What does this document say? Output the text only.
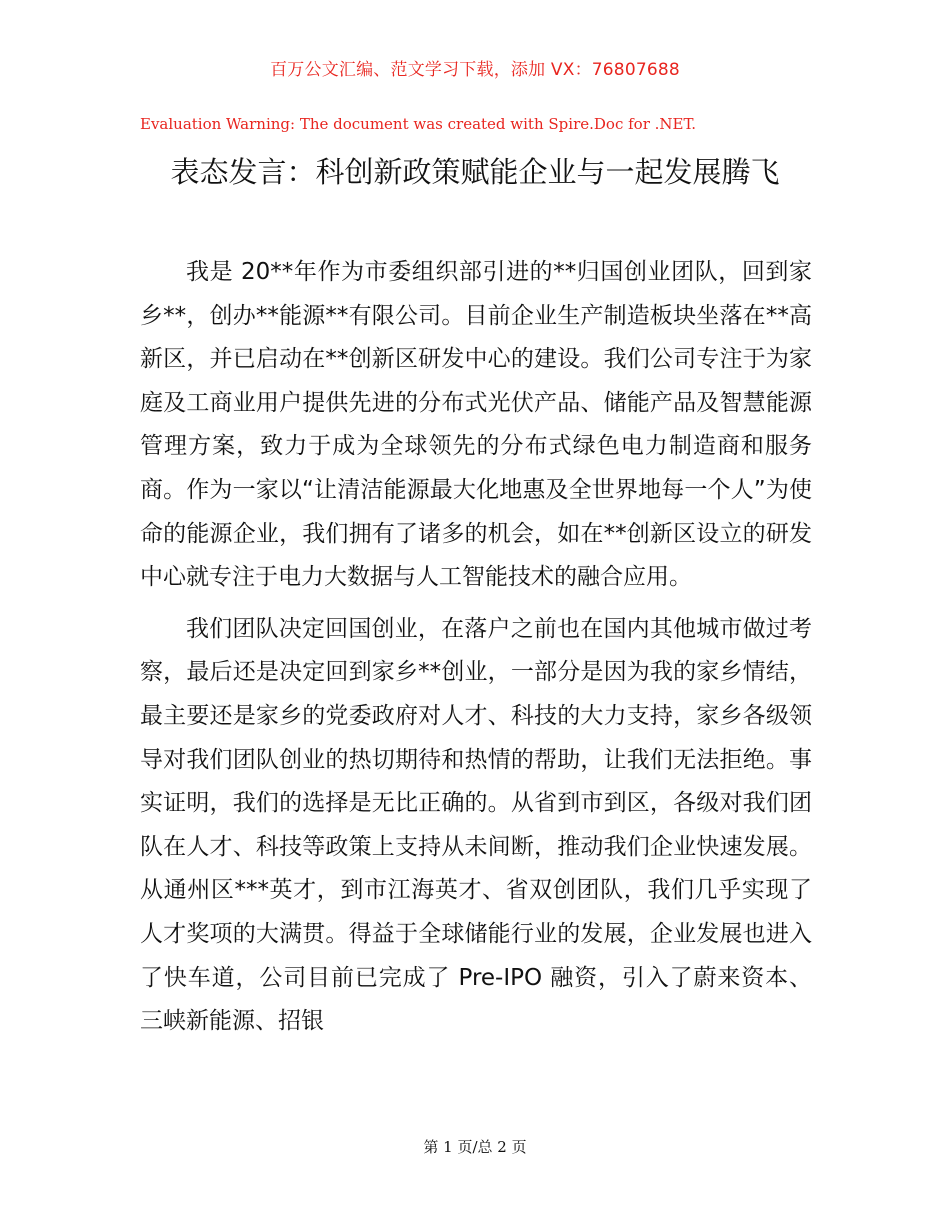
百万公文汇编、范文学习下载，添加 VX：76807688
Evaluation Warning: The document was created with Spire.Doc for .NET.
表态发言：科创新政策赋能企业与一起发展腾飞

我是 20**年作为市委组织部引进的**归国创业团队，回到家乡**，创办**能源**有限公司。目前企业生产制造板块坐落在**高新区，并已启动在**创新区研发中心的建设。我们公司专注于为家庭及工商业用户提供先进的分布式光伏产品、储能产品及智慧能源管理方案，致力于成为全球领先的分布式绿色电力制造商和服务商。作为一家以“让清洁能源最大化地惠及全世界地每一个人”为使命的能源企业，我们拥有了诸多的机会，如在**创新区设立的研发中心就专注于电力大数据与人工智能技术的融合应用。

我们团队决定回国创业，在落户之前也在国内其他城市做过考察，最后还是决定回到家乡**创业，一部分是因为我的家乡情结，最主要还是家乡的党委政府对人才、科技的大力支持，家乡各级领导对我们团队创业的热切期待和热情的帮助，让我们无法拒绝。事实证明，我们的选择是无比正确的。从省到市到区，各级对我们团队在人才、科技等政策上支持从未间断，推动我们企业快速发展。从通州区***英才，到市江海英才、省双创团队，我们几乎实现了人才奖项的大满贯。得益于全球储能行业的发展，企业发展也进入了快车道，公司目前已完成了 Pre-IPO 融资，引入了蔚来资本、三峡新能源、招银

第 1 页/总 2 页
